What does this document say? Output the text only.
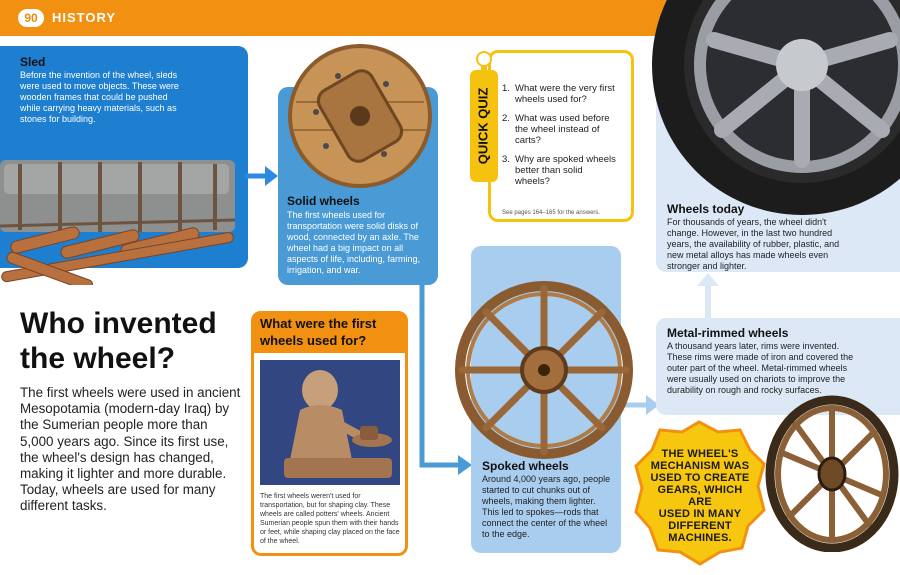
90	HISTORY
Sled
Before the invention of the wheel, sleds were used to move objects. These were wooden frames that could be pushed while carrying heavy materials, such as stones for building.
Solid wheels
The first wheels used for transportation were solid disks of wood, connected by an axle. The wheel had a big impact on all aspects of life, including, farming, irrigation, and war.
QUICK QUIZ 1. What were the very first wheels used for?
2. What was used before the wheel instead of carts?
3. Why are spoked wheels better than solid wheels?
See pages 164–165 for the answers.	Wheels today
For thousands of years, the wheel didn't change. However, in the last two hundred years, the availability of rubber, plastic, and new metal alloys has made wheels even stronger and lighter.
Metal-rimmed wheels
A thousand years later, rims were invented. These rims were made of iron and covered the outer part of the wheel. Metal-rimmed wheels were usually used on chariots to improve the durability on rough and rocky surfaces.
Spoked wheels
Around 4,000 years ago, people started to cut chunks out of wheels, making them lighter. This led to spokes—rods that connect the center of the wheel to the edge.
THE WHEEL'S
MECHANISM WAS
USED TO CREATE
GEARS, WHICH ARE
USED IN MANY
DIFFERENT
MACHINES.
Who invented the wheel?
The first wheels were used in ancient Mesopotamia (modern-day Iraq) by the Sumerian people more than 5,000 years ago. Since its first use, the wheel's design has changed, making it lighter and more durable. Today, wheels are used for many different tasks.
What were the first wheels used for?
The first wheels weren't used for transportation, but for shaping clay. These wheels are called potters' wheels. Ancient Sumerian people spun them with their hands or feet, while shaping clay placed on the face of the wheel.
